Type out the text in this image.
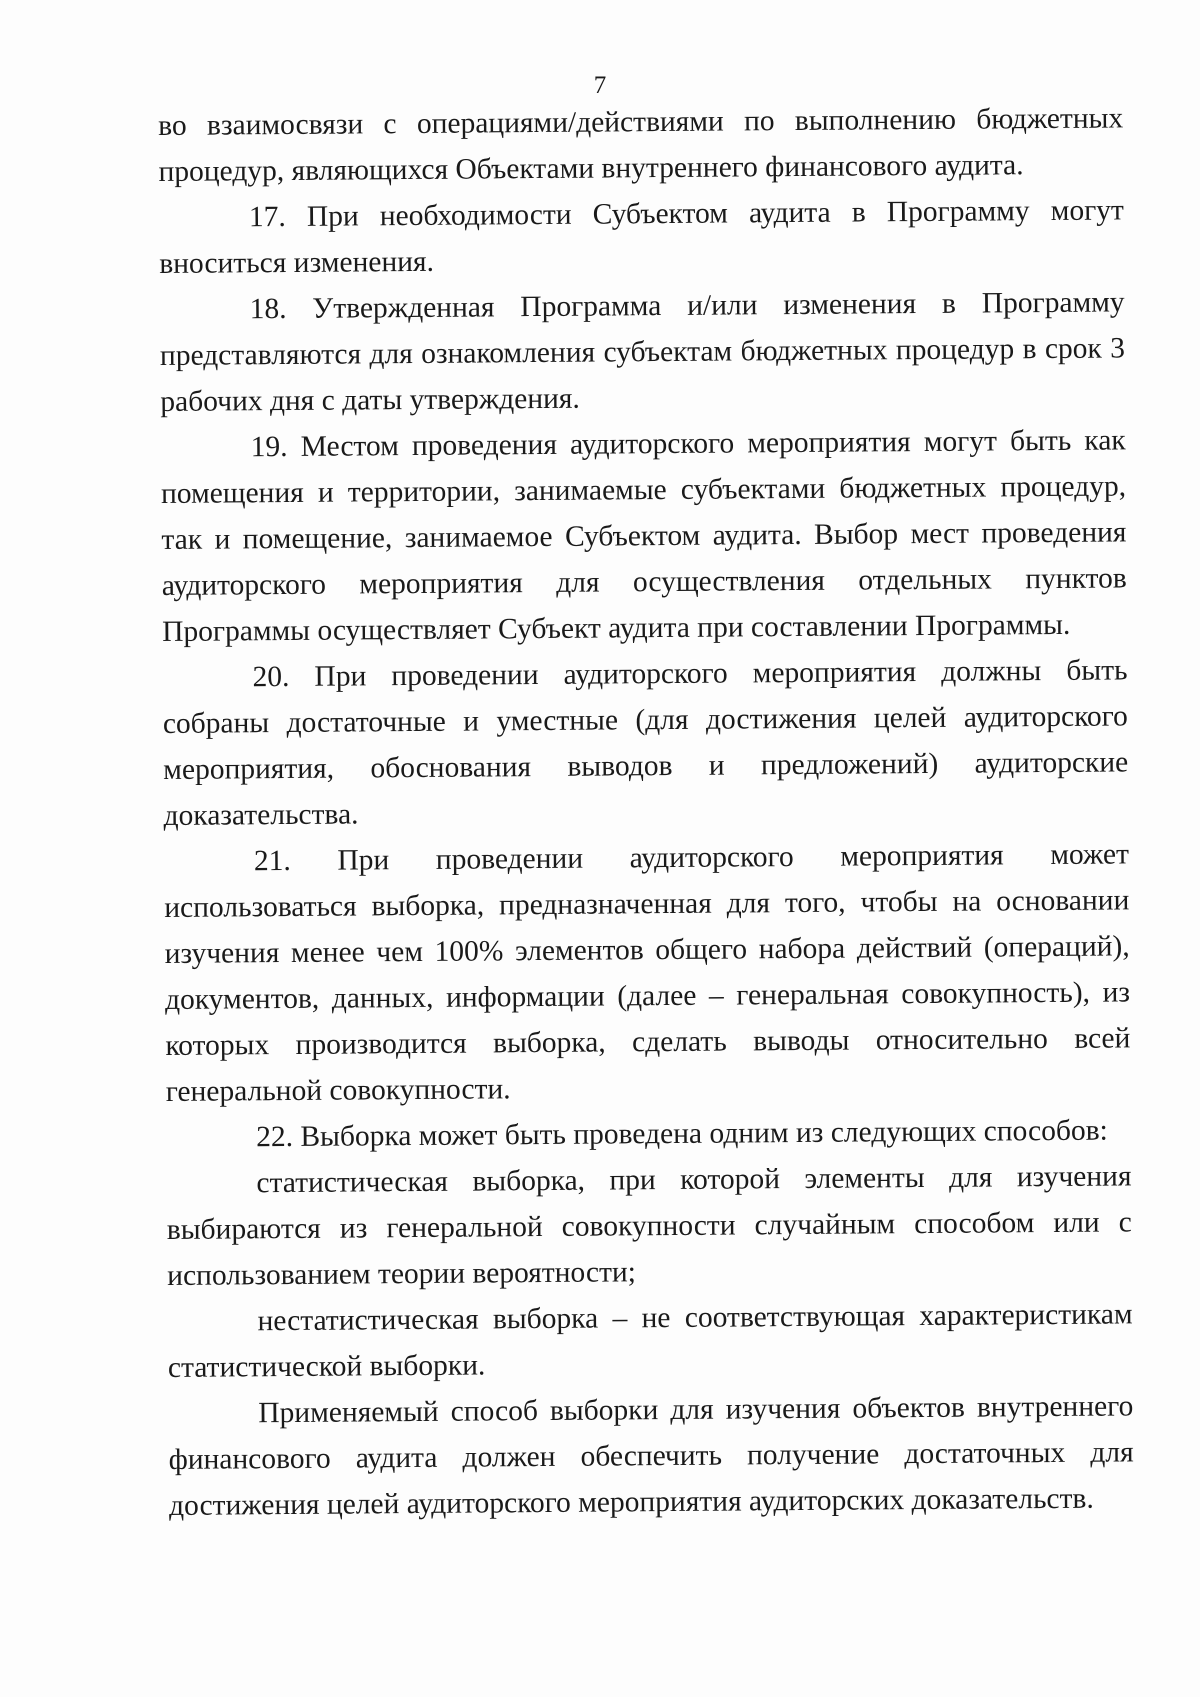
7

во взаимосвязи с операциями/действиями по выполнению бюджетных процедур, являющихся Объектами внутреннего финансового аудита.

17. При необходимости Субъектом аудита в Программу могут вноситься изменения.

18. Утвержденная Программа и/или изменения в Программу представляются для ознакомления субъектам бюджетных процедур в срок 3 рабочих дня с даты утверждения.

19. Местом проведения аудиторского мероприятия могут быть как помещения и территории, занимаемые субъектами бюджетных процедур, так и помещение, занимаемое Субъектом аудита. Выбор мест проведения аудиторского мероприятия для осуществления отдельных пунктов Программы осуществляет Субъект аудита при составлении Программы.

20. При проведении аудиторского мероприятия должны быть собраны достаточные и уместные (для достижения целей аудиторского мероприятия, обоснования выводов и предложений) аудиторские доказательства.

21. При проведении аудиторского мероприятия может использоваться выборка, предназначенная для того, чтобы на основании изучения менее чем 100% элементов общего набора действий (операций), документов, данных, информации (далее – генеральная совокупность), из которых производится выборка, сделать выводы относительно всей генеральной совокупности.

22. Выборка может быть проведена одним из следующих способов:

статистическая выборка, при которой элементы для изучения выбираются из генеральной совокупности случайным способом или с использованием теории вероятности;

нестатистическая выборка – не соответствующая характеристикам статистической выборки.

Применяемый способ выборки для изучения объектов внутреннего финансового аудита должен обеспечить получение достаточных для достижения целей аудиторского мероприятия аудиторских доказательств.
